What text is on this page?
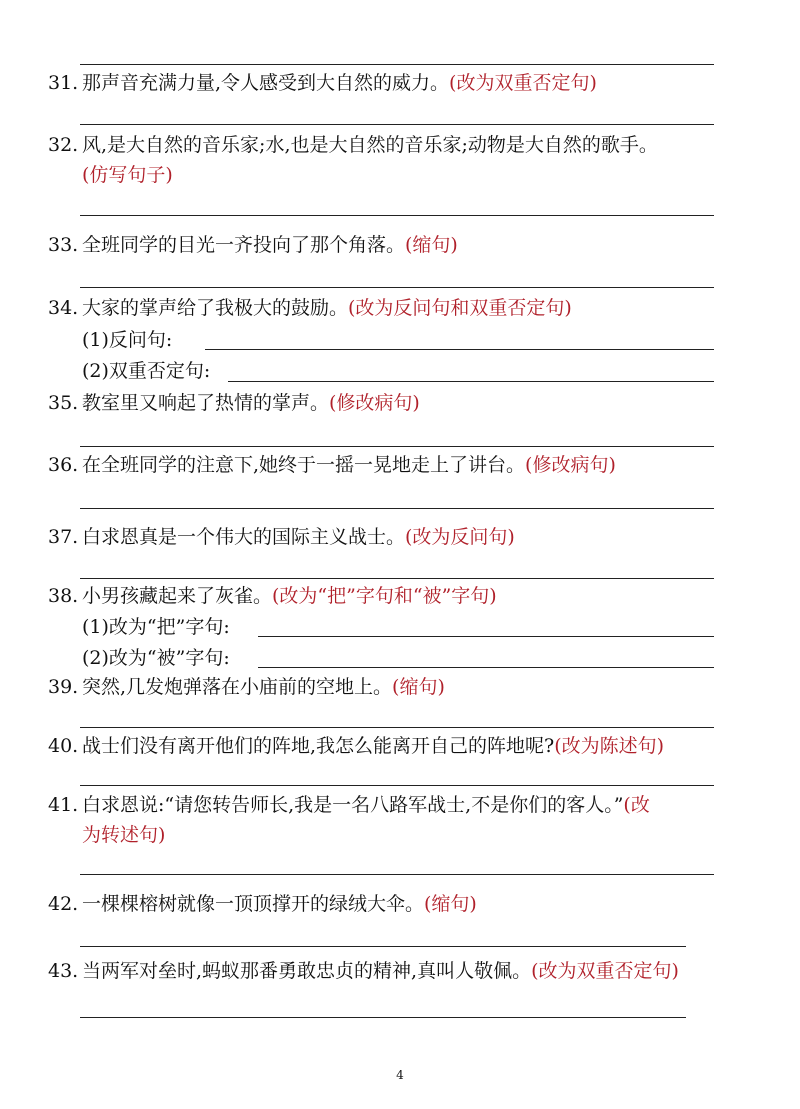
31. 那声音充满力量,令人感受到大自然的威力。(改为双重否定句)
32. 风,是大自然的音乐家;水,也是大自然的音乐家;动物是大自然的歌手。
(仿写句子)
33. 全班同学的目光一齐投向了那个角落。(缩句)
34. 大家的掌声给了我极大的鼓励。(改为反问句和双重否定句)
(1)反问句:
(2)双重否定句:
35. 教室里又响起了热情的掌声。(修改病句)
36. 在全班同学的注意下,她终于一摇一晃地走上了讲台。(修改病句)
37. 白求恩真是一个伟大的国际主义战士。(改为反问句)
38. 小男孩藏起来了灰雀。(改为“把”字句和“被”字句)
(1)改为“把”字句:
(2)改为“被”字句:
39. 突然,几发炮弹落在小庙前的空地上。(缩句)
40. 战士们没有离开他们的阵地,我怎么能离开自己的阵地呢?(改为陈述句)
41. 白求恩说:“请您转告师长,我是一名八路军战士,不是你们的客人。”(改
为转述句)
42. 一棵棵榕树就像一顶顶撑开的绿绒大伞。(缩句)
43. 当两军对垒时,蚂蚁那番勇敢忠贞的精神,真叫人敬佩。(改为双重否定句)
4
